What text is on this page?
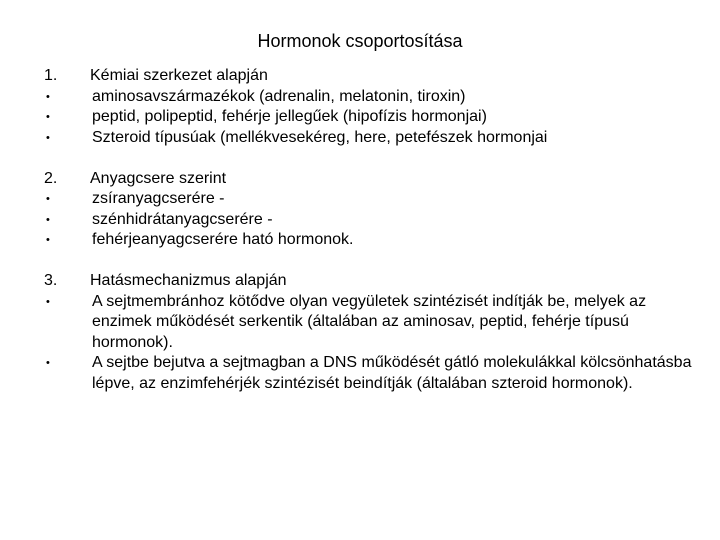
Hormonok csoportosítása
1.	Kémiai szerkezet alapján
•	aminosavszármazékok (adrenalin, melatonin, tiroxin)
•	peptid, polipeptid, fehérje jellegűek (hipofízis hormonjai)
•	Szteroid típusúak (mellékvesekéreg, here, petefészek hormonjai
2.	Anyagcsere szerint
•	zsíranyagcserére -
•	szénhidrátanyagcserére -
•	fehérjeanyagcserére ható hormonok.
3.	Hatásmechanizmus alapján
•	A sejtmembránhoz kötődve olyan vegyületek szintézisét indítják be, melyek az enzimek működését serkentik (általában az aminosav, peptid, fehérje típusú hormonok).
•	A sejtbe bejutva a sejtmagban a DNS működését gátló molekulákkal kölcsönhatásba lépve, az enzimfehérjék szintézisét beindítják (általában szteroid hormonok).
